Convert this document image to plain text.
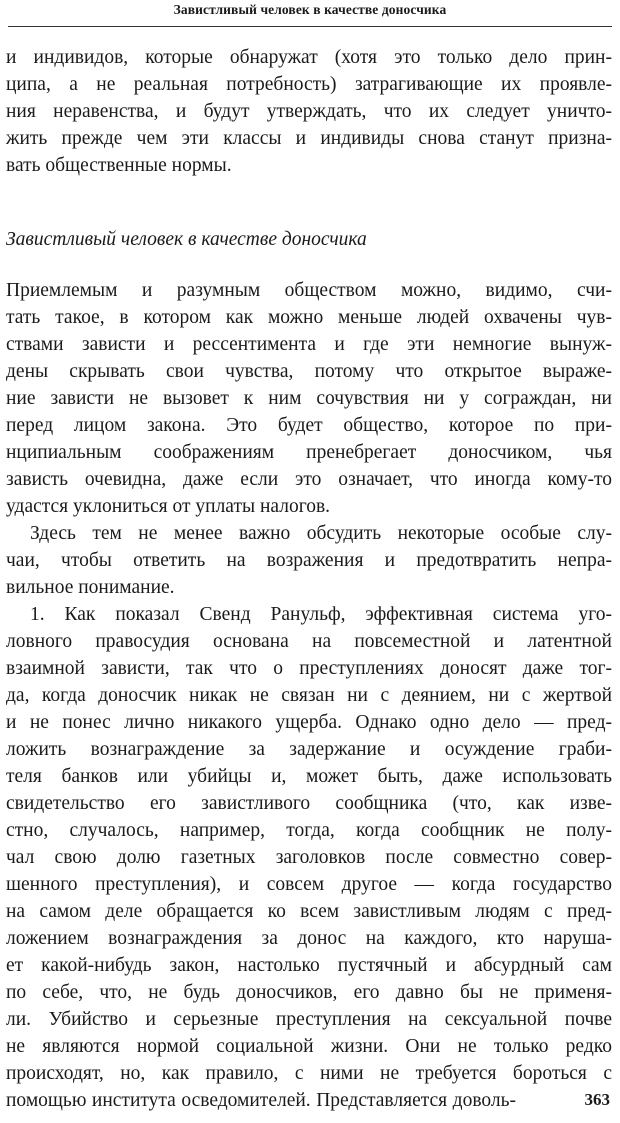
Завистливый человек в качестве доносчика
и индивидов, которые обнаружат (хотя это только дело прин-
ципа, а не реальная потребность) затрагивающие их проявле-
ния неравенства, и будут утверждать, что их следует уничто-
жить прежде чем эти классы и индивиды снова станут призна-
вать общественные нормы.
Завистливый человек в качестве доносчика
Приемлемым и разумным обществом можно, видимо, счи-
тать такое, в котором как можно меньше людей охвачены чув-
ствами зависти и рессентимента и где эти немногие вынуж-
дены скрывать свои чувства, потому что открытое выраже-
ние зависти не вызовет к ним сочувствия ни у сограждан, ни
перед лицом закона. Это будет общество, которое по при-
нципиальным соображениям пренебрегает доносчиком, чья
зависть очевидна, даже если это означает, что иногда кому-то
удастся уклониться от уплаты налогов.
Здесь тем не менее важно обсудить некоторые особые слу-
чаи, чтобы ответить на возражения и предотвратить непра-
вильное понимание.
1. Как показал Свенд Ранульф, эффективная система уго-
ловного правосудия основана на повсеместной и латентной
взаимной зависти, так что о преступлениях доносят даже тог-
да, когда доносчик никак не связан ни с деянием, ни с жертвой
и не понес лично никакого ущерба. Однако одно дело — пред-
ложить вознаграждение за задержание и осуждение граби-
теля банков или убийцы и, может быть, даже использовать
свидетельство его завистливого сообщника (что, как изве-
стно, случалось, например, тогда, когда сообщник не полу-
чал свою долю газетных заголовков после совместно совер-
шенного преступления), и совсем другое — когда государство
на самом деле обращается ко всем завистливым людям с пред-
ложением вознаграждения за донос на каждого, кто наруша-
ет какой-нибудь закон, настолько пустячный и абсурдный сам
по себе, что, не будь доносчиков, его давно бы не применя-
ли. Убийство и серьезные преступления на сексуальной почве
не являются нормой социальной жизни. Они не только редко
происходят, но, как правило, с ними не требуется бороться с
помощью института осведомителей. Представляется доволь-	363
